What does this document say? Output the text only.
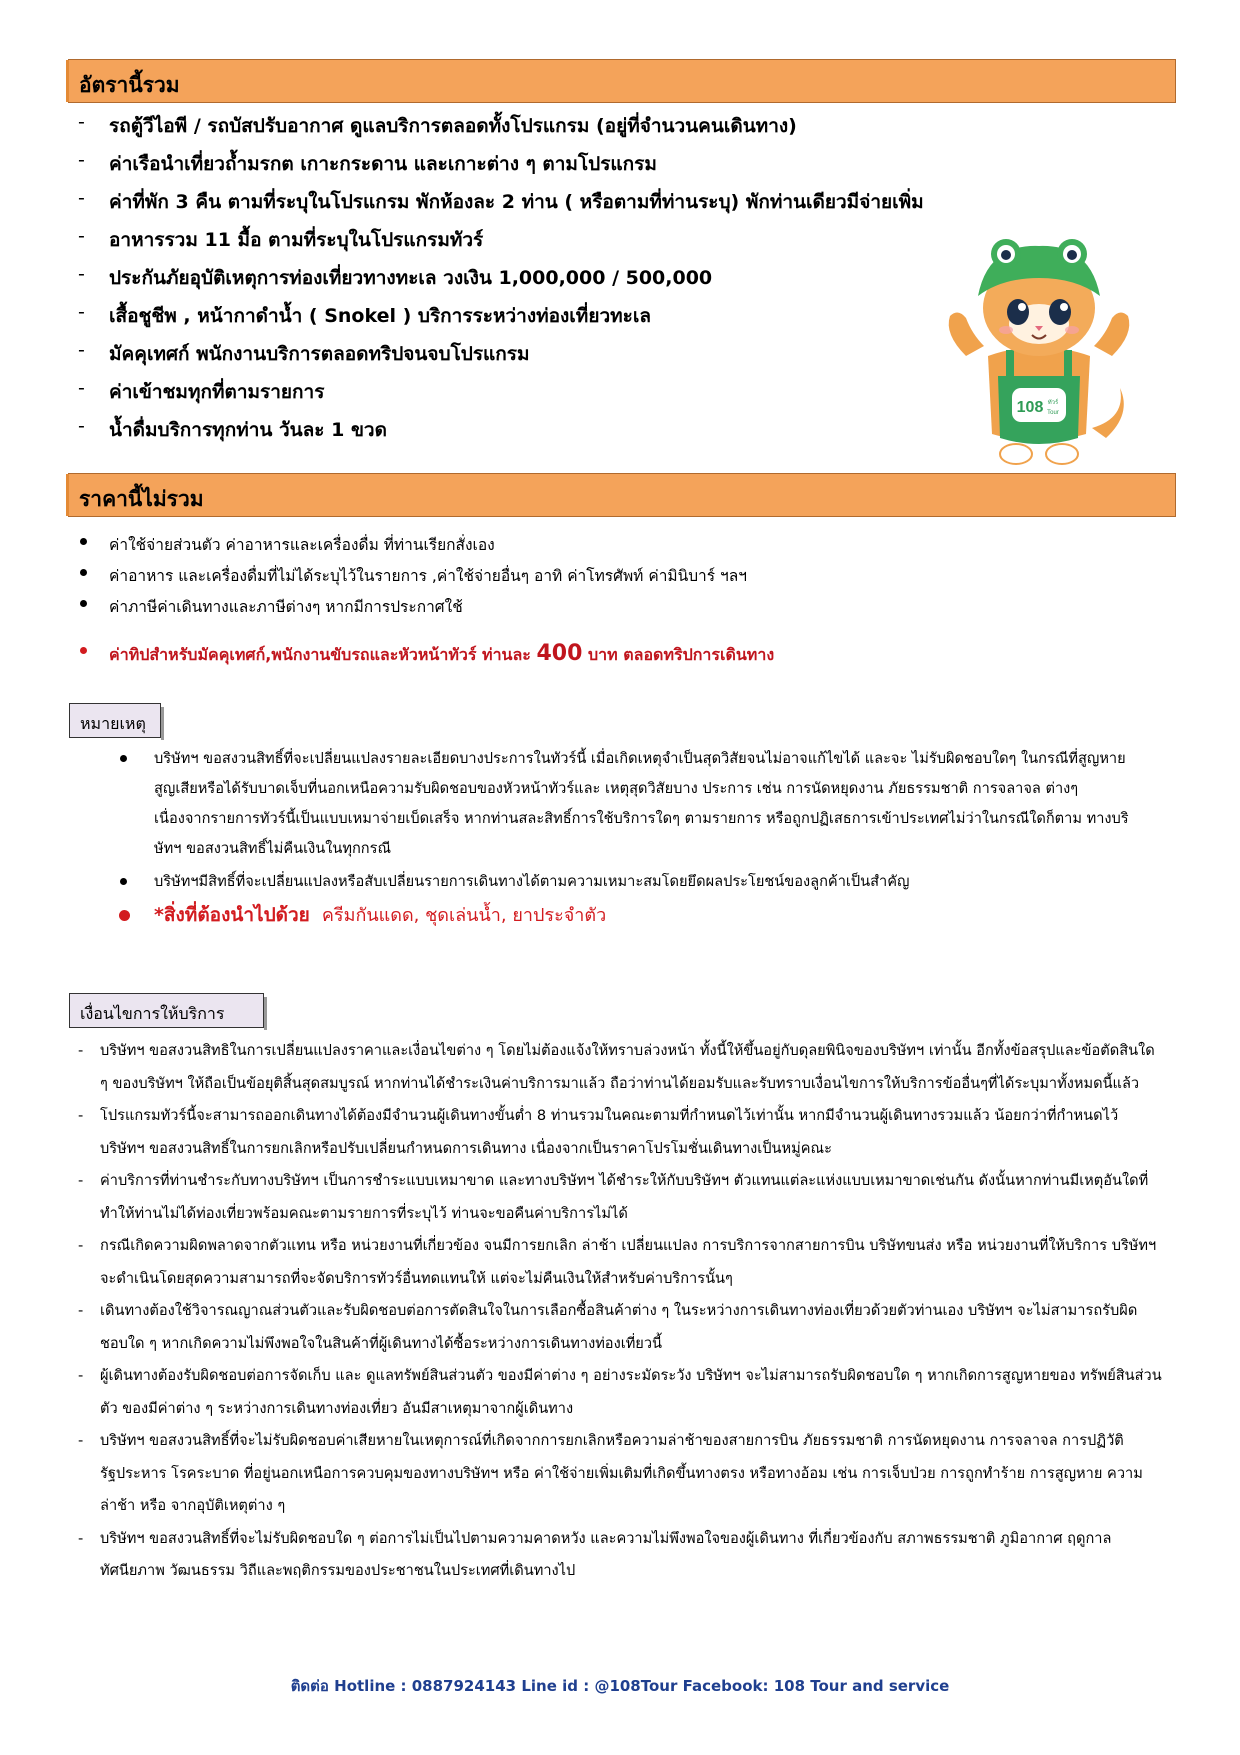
อัตรานี้รวม
- รถตู้วีไอพี / รถบัสปรับอากาศ ดูแลบริการตลอดทั้งโปรแกรม (อยู่ที่จำนวนคนเดินทาง)
- ค่าเรือนำเที่ยวถ้ำมรกต เกาะกระดาน และเกาะต่าง ๆ ตามโปรแกรม
- ค่าที่พัก 3 คืน ตามที่ระบุในโปรแกรม พักห้องละ 2 ท่าน ( หรือตามที่ท่านระบุ) พักท่านเดียวมีจ่ายเพิ่ม
- อาหารรวม 11 มื้อ ตามที่ระบุในโปรแกรมทัวร์
- ประกันภัยอุบัติเหตุการท่องเที่ยวทางทะเล วงเงิน 1,000,000 / 500,000
- เสื้อชูชีพ , หน้ากาดำน้ำ ( Snokel ) บริการระหว่างท่องเที่ยวทะเล
- มัคคุเทศก์ พนักงานบริการตลอดทริปจนจบโปรแกรม
- ค่าเข้าชมทุกที่ตามรายการ
- น้ำดื่มบริการทุกท่าน วันละ 1 ขวด
108 ทัวร์
Tour
ราคานี้ไม่รวม
ค่าใช้จ่ายส่วนตัว ค่าอาหารและเครื่องดื่ม ที่ท่านเรียกสั่งเอง
ค่าอาหาร และเครื่องดื่มที่ไม่ได้ระบุไว้ในรายการ ,ค่าใช้จ่ายอื่นๆ อาทิ ค่าโทรศัพท์ ค่ามินิบาร์ ฯลฯ
ค่าภาษีค่าเดินทางและภาษีต่างๆ หากมีการประกาศใช้
ค่าทิปสำหรับมัคคุเทศก์,พนักงานขับรถและหัวหน้าทัวร์ ท่านละ 400 บาท ตลอดทริปการเดินทาง
หมายเหตุ
บริษัทฯ ขอสงวนสิทธิ์ที่จะเปลี่ยนแปลงรายละเอียดบางประการในทัวร์นี้ เมื่อเกิดเหตุจำเป็นสุดวิสัยจนไม่อาจแก้ไขได้ และจะ ไม่รับผิดชอบใดๆ ในกรณีที่สูญหาย สูญเสียหรือได้รับบาดเจ็บที่นอกเหนือความรับผิดชอบของหัวหน้าทัวร์และ เหตุสุดวิสัยบาง ประการ เช่น การนัดหยุดงาน ภัยธรรมชาติ การจลาจล ต่างๆ เนื่องจากรายการทัวร์นี้เป็นแบบเหมาจ่ายเบ็ดเสร็จ หากท่านสละสิทธิ์การใช้บริการใดๆ ตามรายการ หรือถูกปฏิเสธการเข้าประเทศไม่ว่าในกรณีใดก็ตาม ทางบริษัทฯ ขอสงวนสิทธิ์ไม่คืนเงินในทุกกรณี
บริษัทฯมีสิทธิ์ที่จะเปลี่ยนแปลงหรือสับเปลี่ยนรายการเดินทางได้ตามความเหมาะสมโดยยึดผลประโยชน์ของลูกค้าเป็นสำคัญ
*สิ่งที่ต้องนำไปด้วย ครีมกันแดด, ชุดเล่นน้ำ, ยาประจำตัว
เงื่อนไขการให้บริการ
- บริษัทฯ ขอสงวนสิทธิในการเปลี่ยนแปลงราคาและเงื่อนไขต่าง ๆ โดยไม่ต้องแจ้งให้ทราบล่วงหน้า ทั้งนี้ให้ขึ้นอยู่กับดุลยพินิจของบริษัทฯ เท่านั้น อีกทั้งข้อสรุปและข้อตัดสินใด ๆ ของบริษัทฯ ให้ถือเป็นข้อยุติสิ้นสุดสมบูรณ์ หากท่านได้ชำระเงินค่าบริการมาแล้ว ถือว่าท่านได้ยอมรับและรับทราบเงื่อนไขการให้บริการข้ออื่นๆที่ได้ระบุมาทั้งหมดนี้แล้ว
- โปรแกรมทัวร์นี้จะสามารถออกเดินทางได้ต้องมีจำนวนผู้เดินทางขั้นต่ำ 8 ท่านรวมในคณะตามที่กำหนดไว้เท่านั้น หากมีจำนวนผู้เดินทางรวมแล้ว น้อยกว่าที่กำหนดไว้ บริษัทฯ ขอสงวนสิทธิ์ในการยกเลิกหรือปรับเปลี่ยนกำหนดการเดินทาง เนื่องจากเป็นราคาโปรโมชั่นเดินทางเป็นหมู่คณะ
- ค่าบริการที่ท่านชำระกับทางบริษัทฯ เป็นการชำระแบบเหมาขาด และทางบริษัทฯ ได้ชำระให้กับบริษัทฯ ตัวแทนแต่ละแห่งแบบเหมาขาดเช่นกัน ดังนั้นหากท่านมีเหตุอันใดที่ทำให้ท่านไม่ได้ท่องเที่ยวพร้อมคณะตามรายการที่ระบุไว้ ท่านจะขอคืนค่าบริการไม่ได้
- กรณีเกิดความผิดพลาดจากตัวแทน หรือ หน่วยงานที่เกี่ยวข้อง จนมีการยกเลิก ล่าช้า เปลี่ยนแปลง การบริการจากสายการบิน บริษัทขนส่ง หรือ หน่วยงานที่ให้บริการ บริษัทฯ จะดำเนินโดยสุดความสามารถที่จะจัดบริการทัวร์อื่นทดแทนให้ แต่จะไม่คืนเงินให้สำหรับค่าบริการนั้นๆ
- เดินทางต้องใช้วิจารณญาณส่วนตัวและรับผิดชอบต่อการตัดสินใจในการเลือกซื้อสินค้าต่าง ๆ ในระหว่างการเดินทางท่องเที่ยวด้วยตัวท่านเอง บริษัทฯ จะไม่สามารถรับผิดชอบใด ๆ หากเกิดความไม่พึงพอใจในสินค้าที่ผู้เดินทางได้ซื้อระหว่างการเดินทางท่องเที่ยวนี้
- ผู้เดินทางต้องรับผิดชอบต่อการจัดเก็บ และ ดูแลทรัพย์สินส่วนตัว ของมีค่าต่าง ๆ อย่างระมัดระวัง บริษัทฯ จะไม่สามารถรับผิดชอบใด ๆ หากเกิดการสูญหายของ ทรัพย์สินส่วนตัว ของมีค่าต่าง ๆ ระหว่างการเดินทางท่องเที่ยว อันมีสาเหตุมาจากผู้เดินทาง
- บริษัทฯ ขอสงวนสิทธิ์ที่จะไม่รับผิดชอบค่าเสียหายในเหตุการณ์ที่เกิดจากการยกเลิกหรือความล่าช้าของสายการบิน ภัยธรรมชาติ การนัดหยุดงาน การจลาจล การปฏิวัติ รัฐประหาร โรคระบาด ที่อยู่นอกเหนือการควบคุมของทางบริษัทฯ หรือ ค่าใช้จ่ายเพิ่มเติมที่เกิดขึ้นทางตรง หรือทางอ้อม เช่น การเจ็บป่วย การถูกทำร้าย การสูญหาย ความล่าช้า หรือ จากอุบัติเหตุต่าง ๆ
- บริษัทฯ ขอสงวนสิทธิ์ที่จะไม่รับผิดชอบใด ๆ ต่อการไม่เป็นไปตามความคาดหวัง และความไม่พึงพอใจของผู้เดินทาง ที่เกี่ยวข้องกับ สภาพธรรมชาติ ภูมิอากาศ ฤดูกาล ทัศนียภาพ วัฒนธรรม วิถีและพฤติกรรมของประชาชนในประเทศที่เดินทางไป
ติดต่อ Hotline : 0887924143 Line id : @108Tour Facebook: 108 Tour and service
